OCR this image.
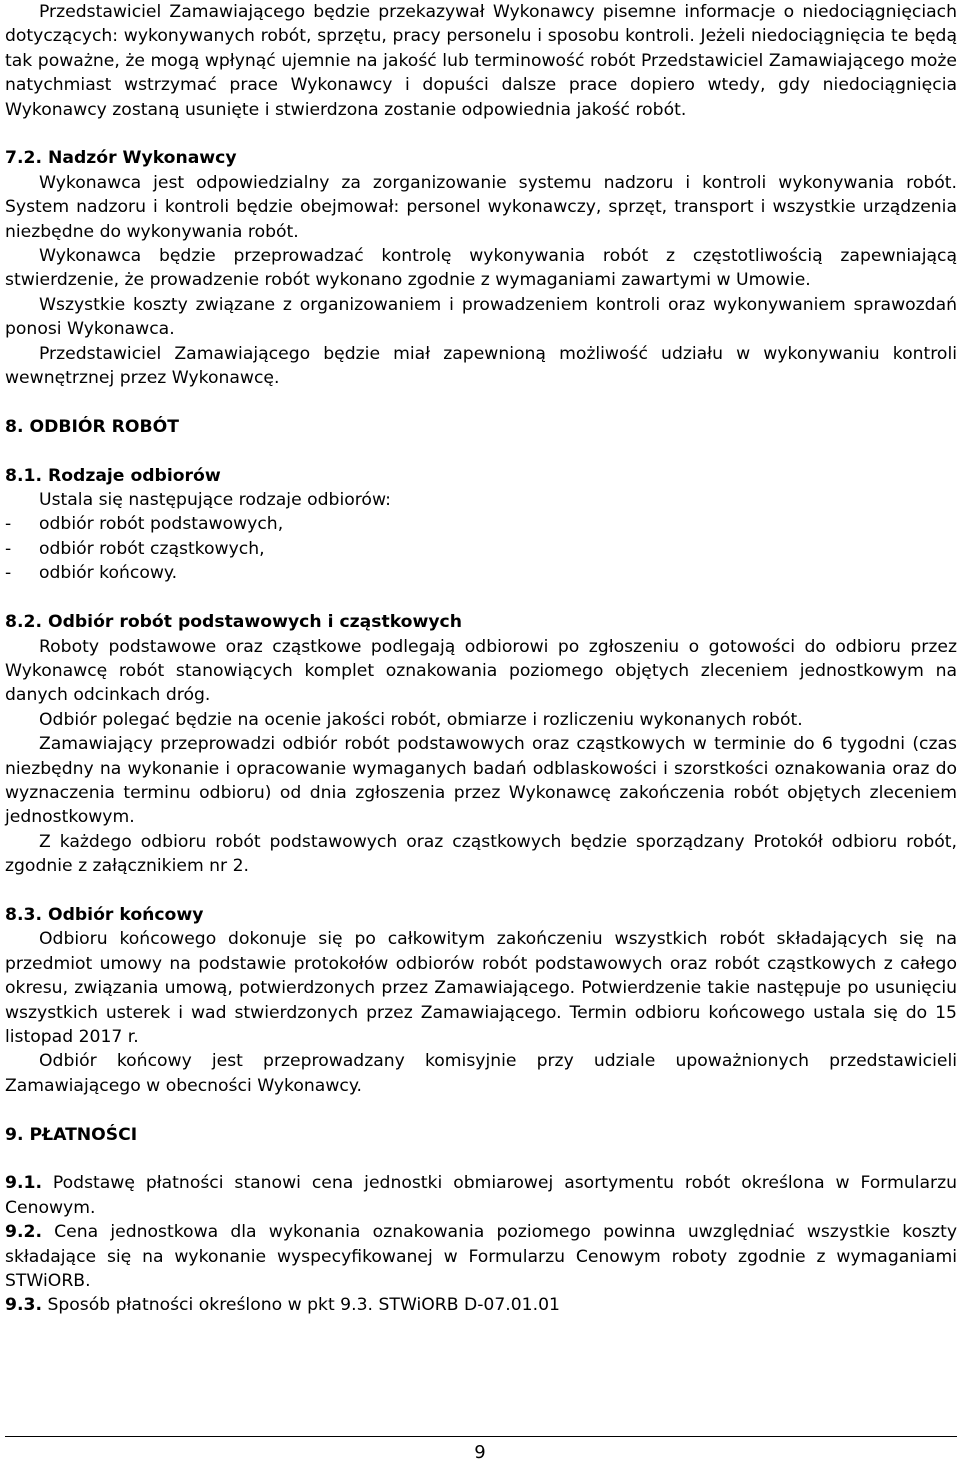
Przedstawiciel Zamawiającego będzie przekazywał Wykonawcy pisemne informacje o niedociągnięciach dotyczących: wykonywanych robót, sprzętu, pracy personelu i sposobu kontroli. Jeżeli niedociągnięcia te będą tak poważne, że mogą wpłynąć ujemnie na jakość lub terminowość robót Przedstawiciel Zamawiającego może natychmiast wstrzymać prace Wykonawcy i dopuści dalsze prace dopiero wtedy, gdy niedociągnięcia Wykonawcy zostaną usunięte i stwierdzona zostanie odpowiednia jakość robót.

7.2. Nadzór Wykonawcy

Wykonawca jest odpowiedzialny za zorganizowanie systemu nadzoru i kontroli wykonywania robót. System nadzoru i kontroli będzie obejmował: personel wykonawczy, sprzęt, transport i wszystkie urządzenia niezbędne do wykonywania robót.

Wykonawca będzie przeprowadzać kontrolę wykonywania robót z częstotliwością zapewniającą stwierdzenie, że prowadzenie robót wykonano zgodnie z wymaganiami zawartymi w Umowie.

Wszystkie koszty związane z organizowaniem i prowadzeniem kontroli oraz wykonywaniem sprawozdań ponosi Wykonawca.

Przedstawiciel Zamawiającego będzie miał zapewnioną możliwość udziału w wykonywaniu kontroli wewnętrznej przez Wykonawcę.

8. ODBIÓR ROBÓT

8.1. Rodzaje odbiorów

Ustala się następujące rodzaje odbiorów:

- odbiór robót podstawowych,

- odbiór robót cząstkowych,

- odbiór końcowy.

8.2. Odbiór robót podstawowych i cząstkowych

Roboty podstawowe oraz cząstkowe podlegają odbiorowi po zgłoszeniu o gotowości do odbioru przez Wykonawcę robót stanowiących komplet oznakowania poziomego objętych zleceniem jednostkowym na danych odcinkach dróg.

Odbiór polegać będzie na ocenie jakości robót, obmiarze i rozliczeniu wykonanych robót.

Zamawiający przeprowadzi odbiór robót podstawowych oraz cząstkowych w terminie do 6 tygodni (czas niezbędny na wykonanie i opracowanie wymaganych badań odblaskowości i szorstkości oznakowania oraz do wyznaczenia terminu odbioru) od dnia zgłoszenia przez Wykonawcę zakończenia robót objętych zleceniem jednostkowym.

Z każdego odbioru robót podstawowych oraz cząstkowych będzie sporządzany Protokół odbioru robót, zgodnie z załącznikiem nr 2.

8.3. Odbiór końcowy

Odbioru końcowego dokonuje się po całkowitym zakończeniu wszystkich robót składających się na przedmiot umowy na podstawie protokołów odbiorów robót podstawowych oraz robót cząstkowych z całego okresu, związania umową, potwierdzonych przez Zamawiającego. Potwierdzenie takie następuje po usunięciu wszystkich usterek i wad stwierdzonych przez Zamawiającego. Termin odbioru końcowego ustala się do 15 listopad 2017 r.

Odbiór końcowy jest przeprowadzany komisyjnie przy udziale upoważnionych przedstawicieli Zamawiającego w obecności Wykonawcy.

9. PŁATNOŚCI

9.1. Podstawę płatności stanowi cena jednostki obmiarowej asortymentu robót określona w Formularzu Cenowym.

9.2. Cena jednostkowa dla wykonania oznakowania poziomego powinna uwzględniać wszystkie koszty składające się na wykonanie wyspecyfikowanej w Formularzu Cenowym roboty zgodnie z wymaganiami STWiORB.

9.3. Sposób płatności określono w pkt 9.3. STWiORB D-07.01.01

9
